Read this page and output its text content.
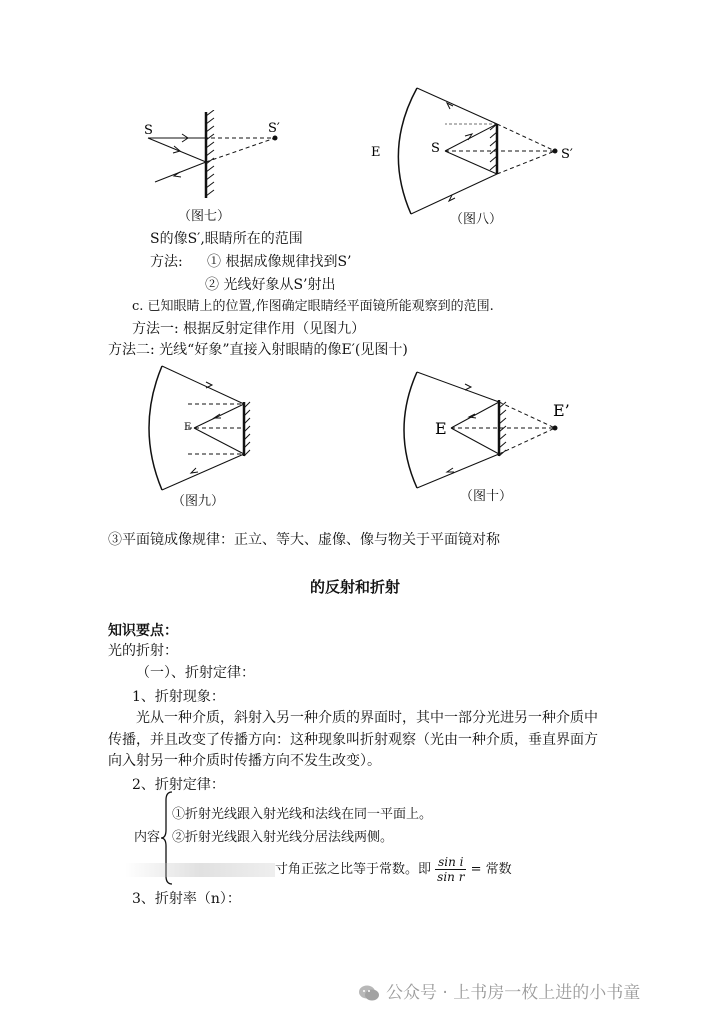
S	S′
（图七）
E	S	S′
（图八）
S的像S′,眼睛所在的范围
方法: ① 根据成像规律找到S’
② 光线好象从S’射出
c. 已知眼睛上的位置,作图确定眼睛经平面镜所能观察到的范围.
方法一: 根据反射定律作用（见图九）
方法二: 光线“好象”直接入射眼睛的像E′(见图十)
E
（图九）
E
E’
（图十）
③平面镜成像规律：正立、等大、虚像、像与物关于平面镜对称
的反射和折射
知识要点：
光的折射：
（一）、折射定律：
1、折射现象：
光从一种介质，斜射入另一种介质的界面时，其中一部分光进另一种介质中
传播，并且改变了传播方向：这种现象叫折射观察（光由一种介质，垂直界面方
向入射另一种介质时传播方向不发生改变）。
2、折射定律：
内容
①折射光线跟入射光线和法线在同一平面上。
②折射光线跟入射光线分居法线两侧。
寸角正弦之比等于常数。即 $\frac{\text{sin i}}{\text{sin r}}$ = 常数
3、折射率（n）：
公众号 · 上书房一枚上进的小书童
